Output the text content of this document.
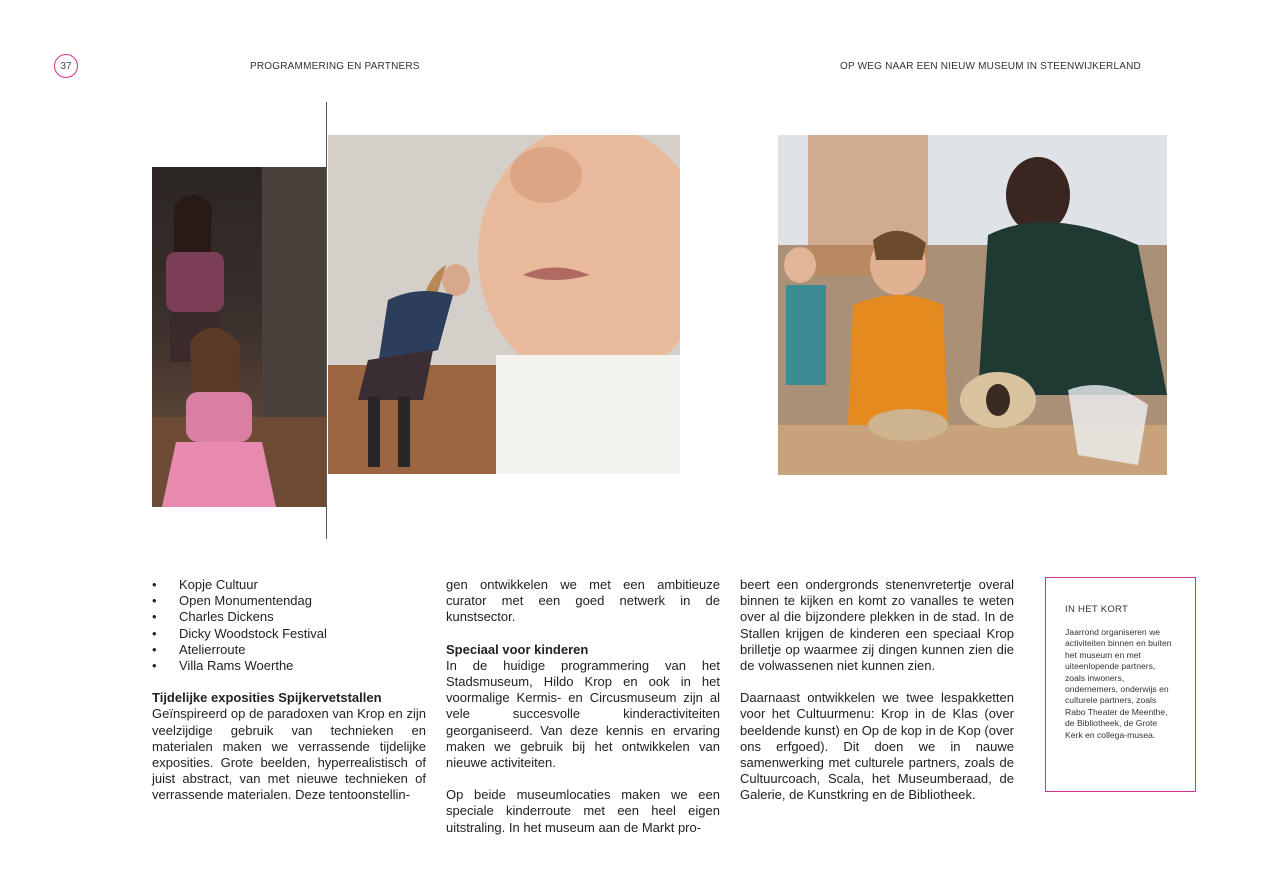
37	PROGRAMMERING EN PARTNERS	OP WEG NAAR EEN NIEUW MUSEUM IN STEENWIJKERLAND
• Kopje Cultuur
• Open Monumentendag
• Charles Dickens
• Dicky Woodstock Festival
• Atelierroute
• Villa Rams Woerthe

Tijdelijke exposities Spijkervetstallen

Geïnspireerd op de paradoxen van Krop en zijn veelzijdige gebruik van technieken en materialen maken we verrassende tijdelijke exposities. Grote beelden, hyperrealistisch of juist abstract, van met nieuwe technieken of verrassende materialen. Deze tentoonstellin-

gen ontwikkelen we met een ambitieuze curator met een goed netwerk in de kunstsector.

Speciaal voor kinderen

In de huidige programmering van het Stadsmuseum, Hildo Krop en ook in het voormalige Kermis- en Circusmuseum zijn al vele succesvolle kinderactiviteiten georganiseerd. Van deze kennis en ervaring maken we gebruik bij het ontwikkelen van nieuwe activiteiten.

Op beide museumlocaties maken we een speciale kinderroute met een heel eigen uitstraling. In het museum aan de Markt pro-

beert een ondergronds stenenvretertje overal binnen te kijken en komt zo vanalles te weten over al die bijzondere plekken in de stad. In de Stallen krijgen de kinderen een speciaal Krop brilletje op waarmee zij dingen kunnen zien die de volwassenen niet kunnen zien.

Daarnaast ontwikkelen we twee lespakketten voor het Cultuurmenu: Krop in de Klas (over beeldende kunst) en Op de kop in de Kop (over ons erfgoed). Dit doen we in nauwe samenwerking met culturele partners, zoals de Cultuurcoach, Scala, het Museumberaad, de Galerie, de Kunstkring en de Bibliotheek.

IN HET KORT
Jaarrond organiseren we activiteiten binnen en buiten het museum en met uiteenlopende partners, zoals inwoners, ondernemers, onderwijs en culturele partners, zoals Rabo Theater de Meenthe, de Bibliotheek, de Grote Kerk en collega-musea.
